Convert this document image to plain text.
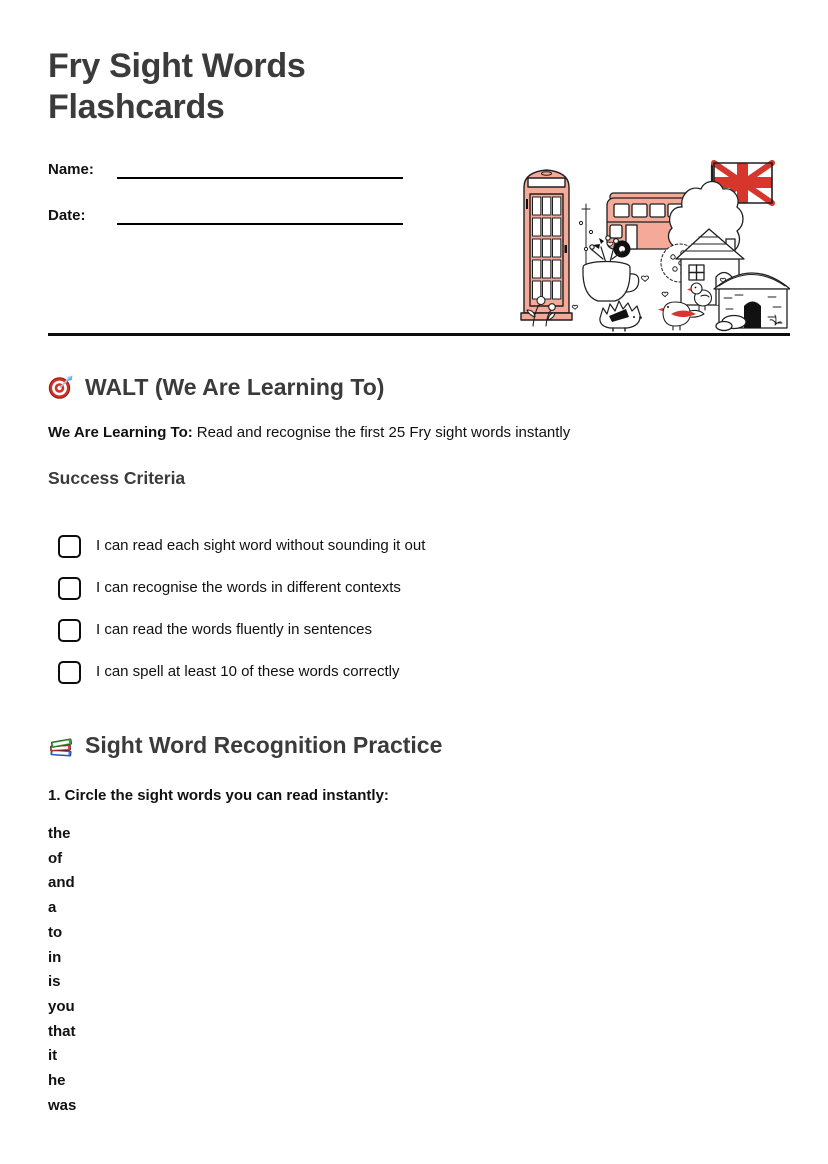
Fry Sight Words Flashcards
Name:
Date:
WALT (We Are Learning To)
We Are Learning To: Read and recognise the first 25 Fry sight words instantly
Success Criteria
I can read each sight word without sounding it out
I can recognise the words in different contexts
I can read the words fluently in sentences
I can spell at least 10 of these words correctly
Sight Word Recognition Practice
1. Circle the sight words you can read instantly:
the
of
and
a
to
in
is
you
that
it
he
was
